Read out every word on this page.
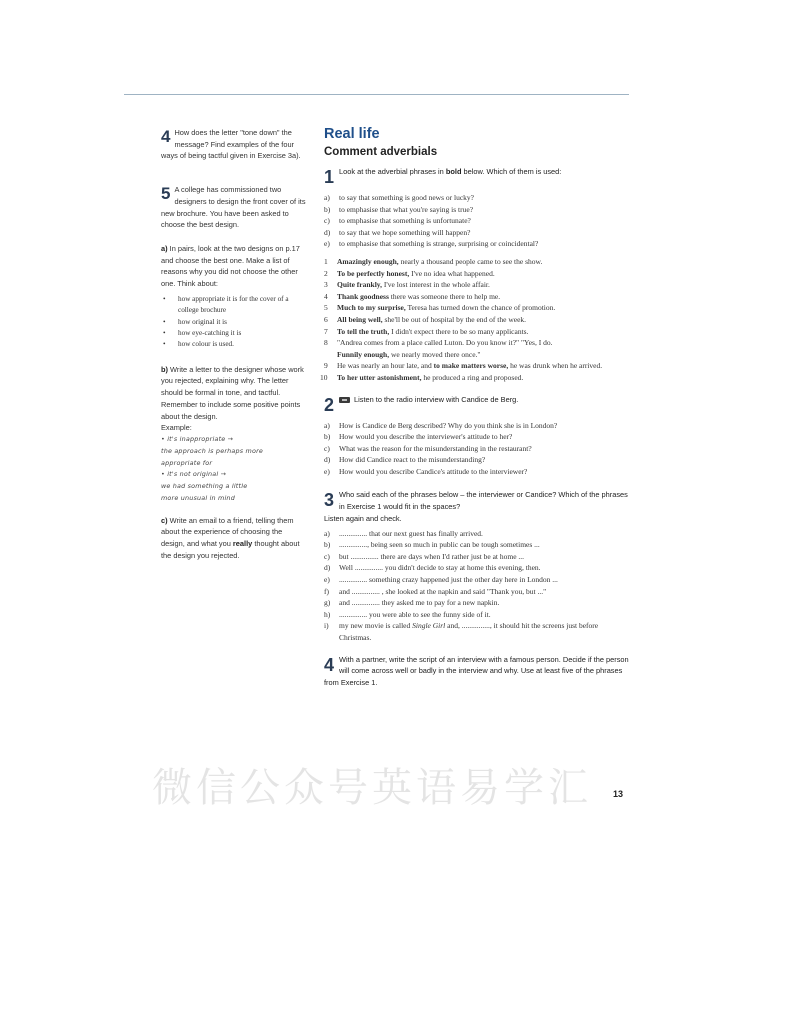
4 How does the letter "tone down" the message? Find examples of the four ways of being tactful given in Exercise 3a).

5 A college has commissioned two designers to design the front cover of its new brochure. You have been asked to choose the best design.

a) In pairs, look at the two designs on p.17 and choose the best one. Make a list of reasons why you did not choose the other one. Think about:

• how appropriate it is for the cover of a college brochure
• how original it is
• how eye-catching it is
• how colour is used.

b) Write a letter to the designer whose work you rejected, explaining why. The letter should be formal in tone, and tactful. Remember to include some positive points about the design.

Example:

• it's inappropriate →
the approach is perhaps more
appropriate for
• it's not original →
we had something a little
more unusual in mind

c) Write an email to a friend, telling them about the experience of choosing the design, and what you really thought about the design you rejected.

Real life
Comment adverbials
1 Look at the adverbial phrases in bold below. Which of them is used:

a) to say that something is good news or lucky?
b) to emphasise that what you're saying is true?
c) to emphasise that something is unfortunate?
d) to say that we hope something will happen?
e) to emphasise that something is strange, surprising or coincidental?
1 Amazingly enough, nearly a thousand people came to see the show.
2 To be perfectly honest, I've no idea what happened.
3 Quite frankly, I've lost interest in the whole affair.
4 Thank goodness there was someone there to help me.
5 Much to my surprise, Teresa has turned down the chance of promotion.
6 All being well, she'll be out of hospital by the end of the week.
7 To tell the truth, I didn't expect there to be so many applicants.
8 "Andrea comes from a place called Luton. Do you know it?" "Yes, I do.
Funnily enough, we nearly moved there once."
9 He was nearly an hour late, and to make matters worse, he was drunk when he arrived.
10 To her utter astonishment, he produced a ring and proposed.
2	Listen to the radio interview with Candice de Berg.

a) How is Candice de Berg described? Why do you think she is in London?
b) How would you describe the interviewer's attitude to her?
c) What was the reason for the misunderstanding in the restaurant?
d) How did Candice react to the misunderstanding?
e) How would you describe Candice's attitude to the interviewer?
3 Who said each of the phrases below – the interviewer or Candice? Which of the phrases in Exercise 1 would fit in the spaces?

Listen again and check.

a) ............... that our next guest has finally arrived.
b) ..............., being seen so much in public can be tough sometimes ...
c) but ............... there are days when I'd rather just be at home ...
d) Well ............... you didn't decide to stay at home this evening, then.
e) ............... something crazy happened just the other day here in London ...
f) and ............... , she looked at the napkin and said "Thank you, but ..."
g) and ............... they asked me to pay for a new napkin.
h) ............... you were able to see the funny side of it.
i) my new movie is called Single Girl and, ..............., it should hit the screens just before Christmas.
4 With a partner, write the script of an interview with a famous person. Decide if the person will come across well or badly in the interview and why. Use at least five of the phrases from Exercise 1.

微信公众号英语易学汇	13
